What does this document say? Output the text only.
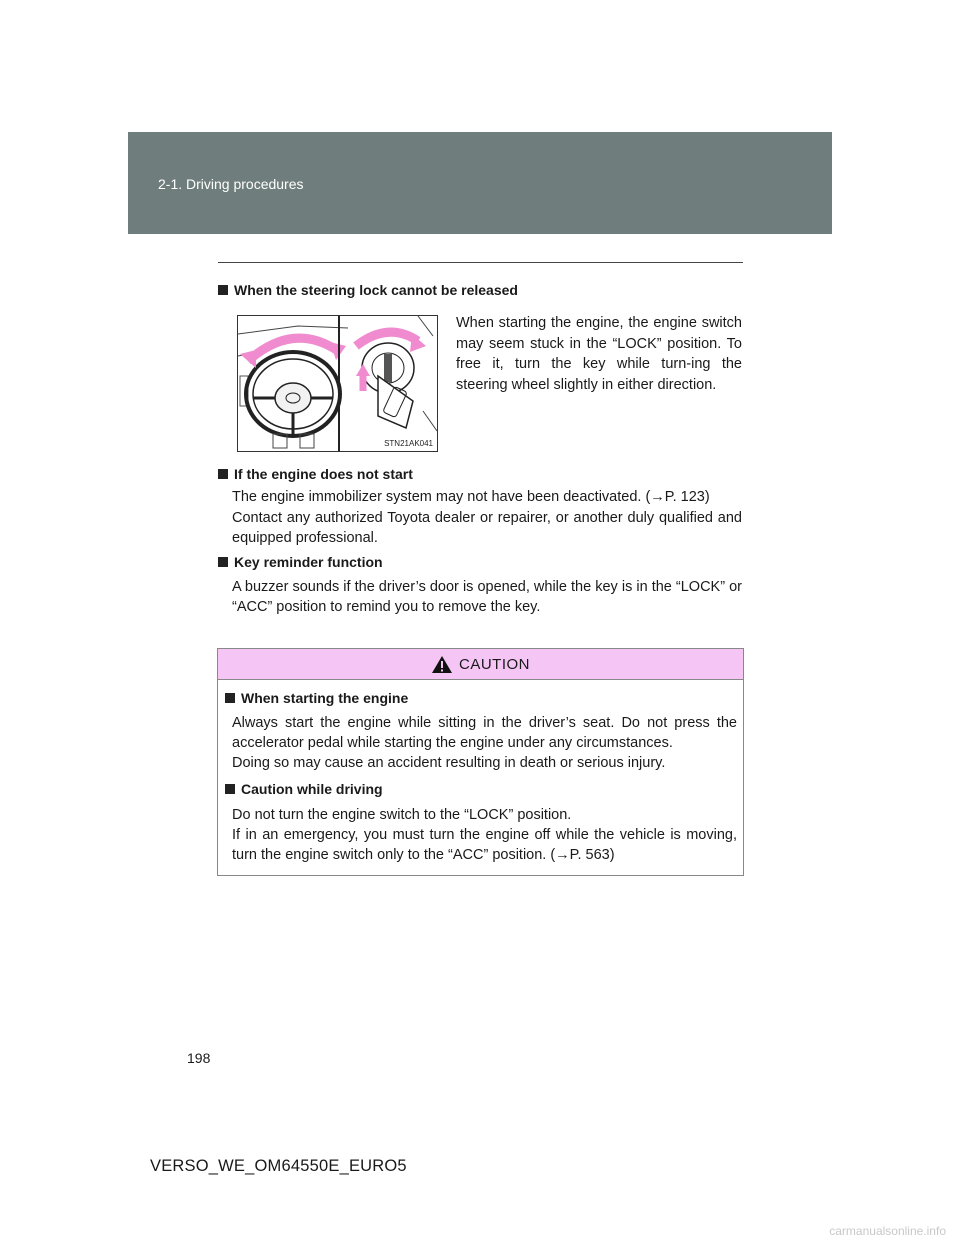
2-1. Driving procedures
When the steering lock cannot be released
STN21AK041
When starting the engine, the engine switch may seem stuck in the “LOCK” position. To free it, turn the key while turn-ing the steering wheel slightly in either direction.
If the engine does not start
The engine immobilizer system may not have been deactivated. (→P. 123)
Contact any authorized Toyota dealer or repairer, or another duly qualified and equipped professional.
Key reminder function
A buzzer sounds if the driver’s door is opened, while the key is in the “LOCK” or “ACC” position to remind you to remove the key.
CAUTION
When starting the engine
Always start the engine while sitting in the driver’s seat. Do not press the accelerator pedal while starting the engine under any circumstances.
Doing so may cause an accident resulting in death or serious injury.
Caution while driving
Do not turn the engine switch to the “LOCK” position.
If in an emergency, you must turn the engine off while the vehicle is moving, turn the engine switch only to the “ACC” position. (→P. 563)
198
VERSO_WE_OM64550E_EURO5
carmanualsonline.info
